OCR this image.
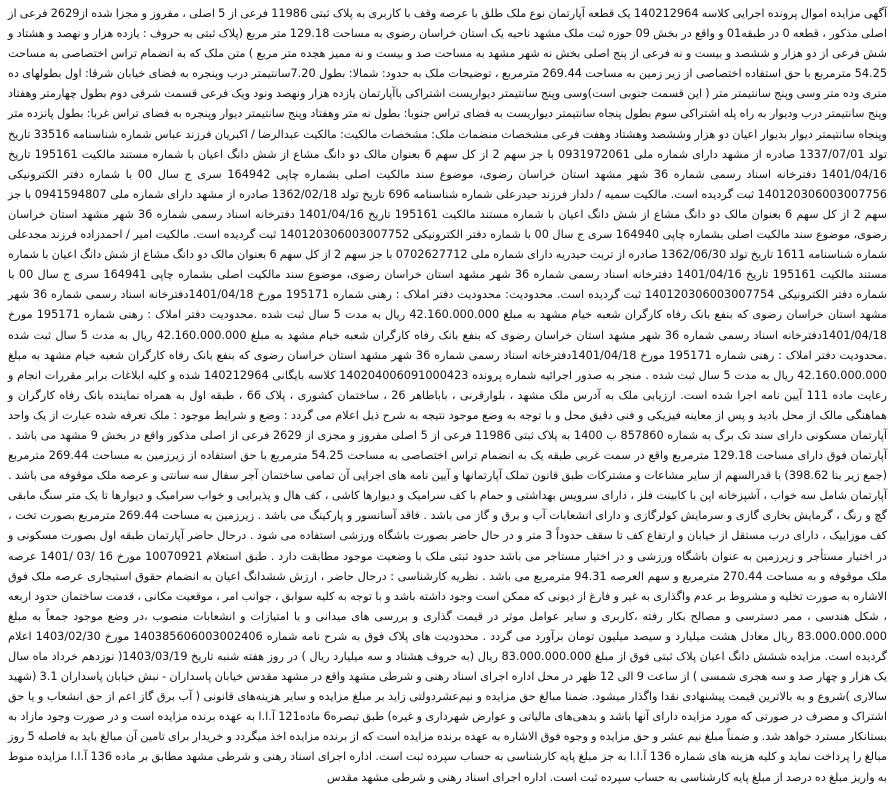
آگهی مزایده اموال پرونده اجرایی کلاسه 140212964 یک قطعه آپارتمان نوع ملک طلق با عرصه وقف با کاربری به پلاک ثبتی 11986 فرعی از 5 اصلی ، مفروز و مجزا شده از2629 فرعی از اصلی مذکور ، قطعه 0 در طبقه01 و واقع در بخش 09 حوزه ثبت ملک مشهد ناحیه یک استان خراسان رضوی به مساحت 129.18 متر مربع (پلاک ثبتی به حروف : یازده هزار و نهصد و هشتاد و شش فرعی از دو هزار و ششصد و بیست و نه فرعی از پنج اصلی بخش نه شهر مشهد به مساحت صد و بیست و نه ممیز هجده متر مربع ) متن ملک که به انضمام تراس اختصاصی به مساحت 54.25 مترمربع با حق استفاده اختصاصی از زیر زمین به مساحت 269.44 مترمربع ، توضیحات ملک به حدود: شمالا: بطول 7.20سانتیمتر درب وپنجره به فضای خیابان شرقا: اول بطولهای ده متری وده متر وسی وپنج سانتیمتر متر ( این قسمت جنوبی است)وسی وپنج سانتیمتر دیواریست اشتراکی باآپارتمان یازده هزار ونهصد ونود ویک فرعی قسمت شرقی دوم بطول چهارمتر وهفتاد وپنج سانتیمتر درب ودیوار به راه پله اشتراکی سوم بطول پنجاه سانتیمتر دیواریست به فضای تراس جنوبا: بطول نه متر وهفتاد وپنج سانتیمتر دیوار وپنجره به فضای تراس غربا: بطول پانزده متر وپنجاه سانتیمتر دیوار بدیوار اعیان دو هزار وششصد وهشتاد وهفت فرعی مشخصات منضمات ملک: مشخصات مالکیت: مالکیت عبدالرضا / اکبریان فرزند عباس شماره شناسنامه 33516 تاریخ تولد 1337/07/01 صادره از مشهد دارای شماره ملی 0931972061 با جز سهم 2 از کل سهم 6 بعنوان مالک دو دانگ مشاع از شش دانگ اعیان با شماره مستند مالکیت 195161 تاریخ 1401/04/16 دفترخانه اسناد رسمی شماره 36 شهر مشهد استان خراسان رضوی، موضوع سند مالکیت اصلی بشماره چاپی 164942 سری ج سال 00 با شماره دفتر الکترونیکی 140120306003007756 ثبت گردیده است. مالکیت سمیه / دلدار فرزند حیدرعلی شماره شناسنامه 696 تاریخ تولد 1362/02/18 صادره از مشهد دارای شماره ملی 0941594807 با جز سهم 2 از کل سهم 6 بعنوان مالک دو دانگ مشاع از شش دانگ اعیان با شماره مستند مالکیت 195161 تاریخ 1401/04/16 دفترخانه اسناد رسمی شماره 36 شهر مشهد استان خراسان رضوی، موضوع سند مالکیت اصلی بشماره چاپی 164940 سری ج سال 00 با شماره دفتر الکترونیکی 140120306003007752 ثبت گردیده است. مالکیت امیر / احمدزاده فرزند مجدعلی شماره شناسنامه 1611 تاریخ تولد 1362/06/30 صادره از تربت حیدریه دارای شماره ملی 0702627712 با جز سهم 2 از کل سهم 6 بعنوان مالک دو دانگ مشاع از شش دانگ اعیان با شماره مستند مالکیت 195161 تاریخ 1401/04/16 دفترخانه اسناد رسمی شماره 36 شهر مشهد استان خراسان رضوی، موضوع سند مالکیت اصلی بشماره چاپی 164941 سری ج سال 00 با شماره دفتر الکترونیکی 140120306003007754 ثبت گردیده است. محدودیت: محدودیت دفتر املاک : رهنی شماره 195171 مورخ 1401/04/18دفترخانه اسناد رسمی شماره 36 شهر مشهد استان خراسان رضوی که بنفع بانک رفاه کارگران شعبه خیام مشهد به مبلغ 42.160.000.000 ریال به مدت 5 سال ثبت شده .محدودیت دفتر املاک : رهنی شماره 195171 مورخ 1401/04/18دفترخانه اسناد رسمی شماره 36 شهر مشهد استان خراسان رضوی که بنفع بانک رفاه کارگران شعبه خیام مشهد به مبلغ 42.160.000.000 ریال به مدت 5 سال ثبت شده .محدودیت دفتر املاک : رهنی شماره 195171 مورخ 1401/04/18دفترخانه اسناد رسمی شماره 36 شهر مشهد استان خراسان رضوی که بنفع بانک رفاه کارگران شعبه خیام مشهد به مبلغ 42.160.000.000 ریال به مدت 5 سال ثبت شده . منجر به صدور اجرائیه شماره پرونده 140204006091000423 کلاسه بایگانی 140212964 شده و کلیه ابلاغات برابر مقررات انجام و رعایت ماده 111 آیین نامه اجرا شده است. ارزیابی ملک به آدرس ملک مشهد ، بلوارقرنی ، باباطاهر 26 ، ساختمان کشوری ، پلاک 66 ، طبقه اول به همراه نماینده بانک رفاه کارگران و هماهنگی مالک از محل بادید و پس از معاینه فیزیکی و فنی دقیق محل و با توجه به وضع موجود نتیجه به شرح ذیل اعلام می گردد : وضع و شرایط موجود : ملک تعرفه شده عبارت از یک واحد آپارتمان مسکونی دارای سند تک برگ به شماره 857860 ب 1400 به پلاک ثبتی 11986 فرعی از 5 اصلی مفروز و مجزی از 2629 فرعی از اصلی مذکور واقع در بخش 9 مشهد می باشد . آپارتمان فوق دارای مساحت 129.18 مترمربع واقع در سمت غربی طبقه یک به انضمام تراس اختصاصی به مساحت 54.25 مترمربع با حق استفاده از زیرزمین به مساحت 269.44 مترمربع (جمع زیر بنا 398.62) با قدرالسهم از سایر مشاعات و مشترکات طبق قانون تملک آپارتمانها و آیین نامه های اجرایی آن تمامی ساختمان آجر سفال سه سانتی و عرصه ملک موقوفه می باشد . آپارتمان شامل سه خواب ، آشپزخانه اپن با کابینت فلز ، دارای سرویس بهداشتی و حمام با کف سرامیک و دیوارها کاشی ، کف هال و پذیرایی و خواب سرامیک و دیوارها تا یک متر سنگ مابقی گچ و رنگ ، گرمایش بخاری گازی و سرمایش کولرگازی و دارای انشعابات آب و برق و گاز می باشد . فاقد آسانسور و پارکینگ می باشد . زیرزمین به مساحت 269.44 مترمربع بصورت تخت ، کف موزاییک ، دارای درب مستقل از خیابان و ارتفاع کف تا سقف حدوداً 3 متر و در حال حاضر بصورت باشگاه ورزشی استفاده می شود . درحال حاضر آپارتمان طبقه اول بصورت مسکونی و در اختیار مستأجر و زیرزمین به عنوان باشگاه ورزشی و در اختیار مستاجر می باشد حدود ثبتی ملک با وضعیت موجود مطابقت دارد . طبق استعلام 10070921 مورخ 16 /03 /1401 عرصه ملک موقوفه و به مساحت 270.44 مترمربع و سهم العرصه 94.31 مترمربع می باشد . نظریه کارشناسی : درحال حاضر ، ارزش ششدانگ اعیان به انضمام حقوق استیجاری عرصه ملک فوق الاشاره به صورت تخلیه و مشروط بر عدم واگذاری به غیر و فارغ از دیونی که ممکن است وجود داشته باشد و با توجه به کلیه سوابق ، جوانب امر ، موقعیت مکانی ، قدمت ساختمان حدود اربعه ، شکل هندسی ، ممر دسترسی و مصالح بکار رفته ،کاربری و سایر عوامل موثر در قیمت گذاری و بررسی های میدانی و با امتیازات و انشعابات منصوب ،در وضع موجود جمعاً به مبلغ 83.000.000.000 ریال معادل هشت میلیارد و سیصد میلیون تومان برآورد می گردد . محدودیت های پلاک فوق به شرح نامه شماره 140385606003002406 مورخ 1403/02/30 اعلام گردیده است. مزایده ششش دانگ اعیان پلاک ثبتی فوق از مبلغ 83.000.000.000 ریال (به حروف هشتاد و سه میلیارد ریال ) در روز هفته شنبه تاریخ 1403/03/19( نوزدهم خرداد ماه سال یک هزار و چهار صد و سه هجری شمسی ) از ساعت 9 الی 12 ظهر در محل اداره اجرای اسناد رهنی و شرطی مشهد واقع در مشهد مقدس خیابان پاسداران - نبش خیابان پاسداران 3.1 (شهید سالاری )شروع و به بالاترین قیمت پیشنهادی نقدا واگذار میشود. ضمنا مبالغ حق مزایده و نیم‌عشردولتی زاید بر مبلغ مزایده و سایر هزینه‌های قانونی ( آب برق گاز اعم از حق انشعاب و یا حق اشتراک و مصرف در صورتی که مورد مزایده دارای آنها باشد و بدهی‌های مالیاتی و عوارض شهرداری و غیره) طبق تبصره6 ماده121 آ.ا.ا به عهده برنده مزایده است و در صورت وجود مازاد به بستانکار مسترد خواهد شد. و ضمناً مبلغ نیم عشر و حق مزایده و وجوه فوق الاشاره به عهده برنده مزایده است که از برنده مزایده اخذ میگردد و خریدار برای تامین آن مبالغ باید به فاصله 5 روز مبالغ را پرداخت نماید و کلیه هزینه های شماره 136 آ.ا.ا به جز مبلغ پایه کارشناسی به حساب سپرده ثبت است. اداره اجرای اسناد رهنی و شرطی مشهد مطابق بر ماده 136 آ.ا.ا مزایده منوط به واریز مبلغ ده درصد از مبلغ پایه کارشناسی به حساب سپرده ثبت است. اداره اجرای اسناد رهنی و شرطی مشهد مقدس
